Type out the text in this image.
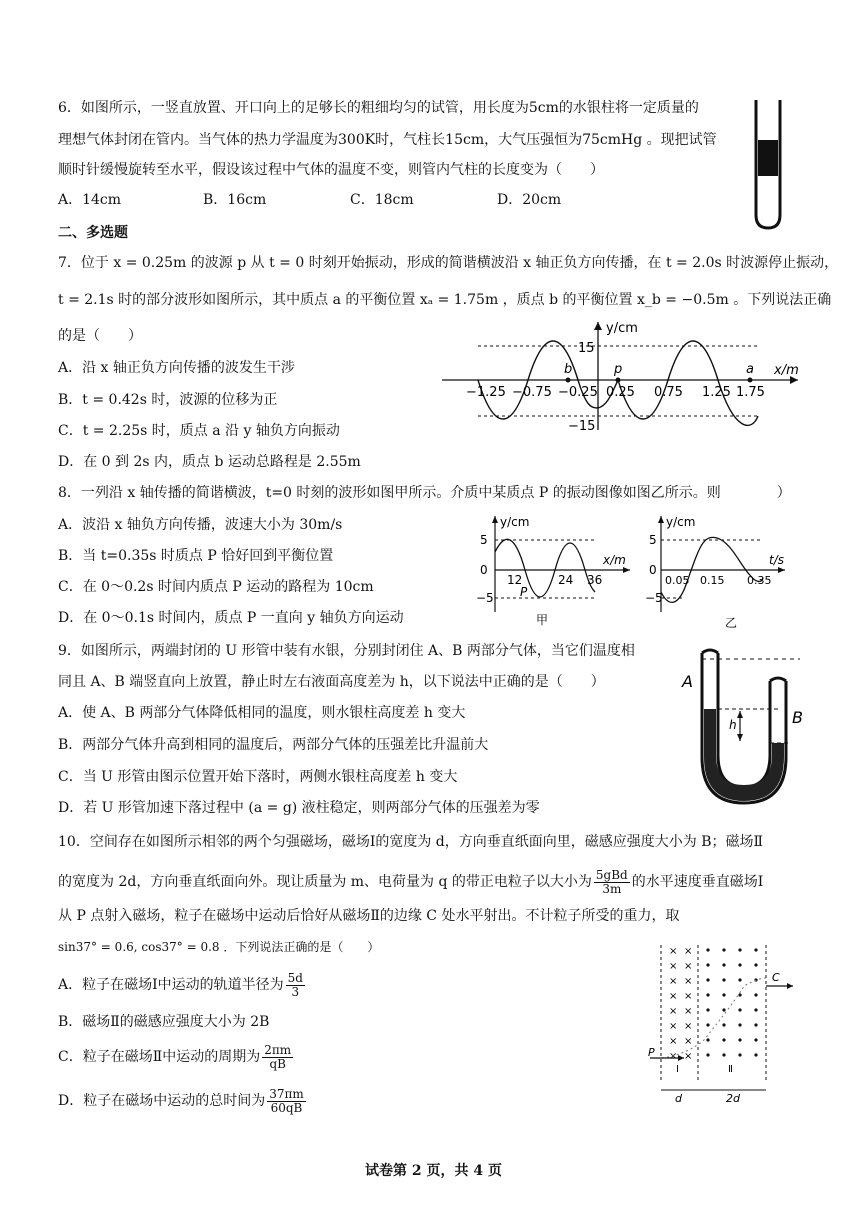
6．如图所示，一竖直放置、开口向上的足够长的粗细均匀的试管，用长度为5cm的水银柱将一定质量的
理想气体封闭在管内。当气体的热力学温度为300K时，气柱长15cm，大气压强恒为75cmHg 。现把试管
顺时针缓慢旋转至水平，假设该过程中气体的温度不变，则管内气柱的长度变为（　　）
A．14cm	B．16cm	C．18cm	D．20cm
二、多选题
7．位于 x = 0.25m 的波源 p 从 t = 0 时刻开始振动，形成的简谐横波沿 x 轴正负方向传播，在 t = 2.0s 时波源停止振动，
t = 2.1s 时的部分波形如图所示，其中质点 a 的平衡位置 xₐ = 1.75m ，质点 b 的平衡位置 x_b = −0.5m 。下列说法正确
的是（　　）
A．沿 x 轴正负方向传播的波发生干涉
B．t = 0.42s 时，波源的位移为正
C．t = 2.25s 时，质点 a 沿 y 轴负方向振动
D．在 0 到 2s 内，质点 b 运动总路程是 2.55m
y/cm
x/m
15
−15
−1.25 −0.75 −0.25 0.25 0.75 1.25 1.75
b	p	a
8．一列沿 x 轴传播的简谐横波，t=0 时刻的波形如图甲所示。介质中某质点 P 的振动图像如图乙所示。则　　　　）
A．波沿 x 轴负方向传播，波速大小为 30m/s
B．当 t=0.35s 时质点 P 恰好回到平衡位置
C．在 0～0.2s 时间内质点 P 运动的路程为 10cm
D．在 0～0.1s 时间内，质点 P 一直向 y 轴负方向运动
y/cm
x/m
5
0
−5
12	24 36
P
甲
y/cm
t/s
5
0
−5
0.05 0.15 0.35
乙
9．如图所示，两端封闭的 U 形管中装有水银，分别封闭住 A、B 两部分气体，当它们温度相
同且 A、B 端竖直向上放置，静止时左右液面高度差为 h，以下说法中正确的是（　　）
A．使 A、B 两部分气体降低相同的温度，则水银柱高度差 h 变大
B．两部分气体升高到相同的温度后，两部分气体的压强差比升温前大
C．当 U 形管由图示位置开始下落时，两侧水银柱高度差 h 变大
D．若 U 形管加速下落过程中 (a = g) 液柱稳定，则两部分气体的压强差为零
h
A
B
10．空间存在如图所示相邻的两个匀强磁场，磁场Ⅰ的宽度为 d，方向垂直纸面向里，磁感应强度大小为 B；磁场Ⅱ
的宽度为 2d，方向垂直纸面向外。现让质量为 m、电荷量为 q 的带正电粒子以大小为 $\frac{\text{5gBd}}{3m}$ 的水平速度垂直磁场Ⅰ
从 P 点射入磁场，粒子在磁场中运动后恰好从磁场Ⅱ的边缘 C 处水平射出。不计粒子所受的重力，取
sin37° = 0.6, cos37° = 0.8 ．下列说法正确的是（　　）
A．粒子在磁场Ⅰ中运动的轨道半径为 $\frac{5d}{3}$
B．磁场Ⅱ的磁感应强度大小为 2B
C．粒子在磁场Ⅱ中运动的周期为 $\frac{2\pi m}{qB}$
D．粒子在磁场中运动的总时间为 $\frac{37\pi m}{60qB}$
× ×
× ×
× ×
× ×
× ×
× ×
× ×
× ×
P
C
Ⅰ	Ⅱ
d	2d
试卷第 2 页，共 4 页
